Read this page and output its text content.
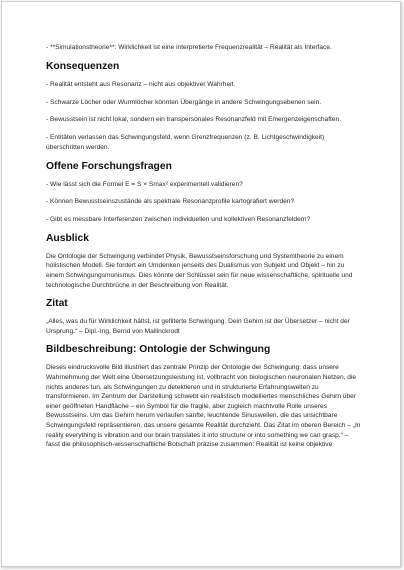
- **Simulationstheorie**: Wirklichkeit ist eine interpretierte Frequenzrealität – Realität als Interface.

Konsequenzen

- Realität entsteht aus Resonanz – nicht aus objektiver Wahrheit.

- Schwarze Löcher oder Wurmlöcher könnten Übergänge in andere Schwingungsebenen sein.

- Bewusstsein ist nicht lokal, sondern ein transpersonales Resonanzfeld mit Emergenzeigenschaften.

- Entitäten verlassen das Schwingungsfeld, wenn Grenzfrequenzen (z. B. Lichtgeschwindigkeit) überschritten werden.

Offene Forschungsfragen

- Wie lässt sich die Formel E = S × Smax² experimentell validieren?

- Können Bewusstseinszustände als spektrale Resonanzprofile kartografiert werden?

- Gibt es messbare Interferenzen zwischen individuellen und kollektiven Resonanzfeldern?

Ausblick

Die Ontologie der Schwingung verbindet Physik, Bewusstseinsforschung und Systemtheorie zu einem holistischen Modell. Sie fordert ein Umdenken jenseits des Dualismus von Subjekt und Objekt – hin zu einem Schwingungsmonismus. Dies könnte der Schlüssel sein für neue wissenschaftliche, spirituelle und technologische Durchbrüche in der Beschreibung von Realität.

Zitat

„Alles, was du für Wirklichkeit hältst, ist gefilterte Schwingung. Dein Gehirn ist der Übersetzer – nicht der Ursprung.“ – Dipl.-Ing. Bernd von Mallinckrodt

Bildbeschreibung: Ontologie der Schwingung

Dieses eindrucksvolle Bild illustriert das zentrale Prinzip der Ontologie der Schwingung: dass unsere Wahrnehmung der Welt eine Übersetzungsleistung ist, vollbracht von biologischen neuronalen Netzen, die nichts anderes tun, als Schwingungen zu detektieren und in strukturierte Erfahrungswelten zu transformieren. Im Zentrum der Darstellung schwebt ein realistisch modelliertes menschliches Gehirn über einer geöffneten Handfläche – ein Symbol für die fragile, aber zugleich machtvolle Rolle unseres Bewusstseins. Um das Gehirn herum verlaufen sanfte, leuchtende Sinuswellen, die das unsichtbare Schwingungsfeld repräsentieren, das unsere gesamte Realität durchzieht. Das Zitat im oberen Bereich – „In reality everything is vibration and our brain translates it into structure or into something we can grasp.“ – fasst die philosophisch-wissenschaftliche Botschaft präzise zusammen: Realität ist keine objektive
